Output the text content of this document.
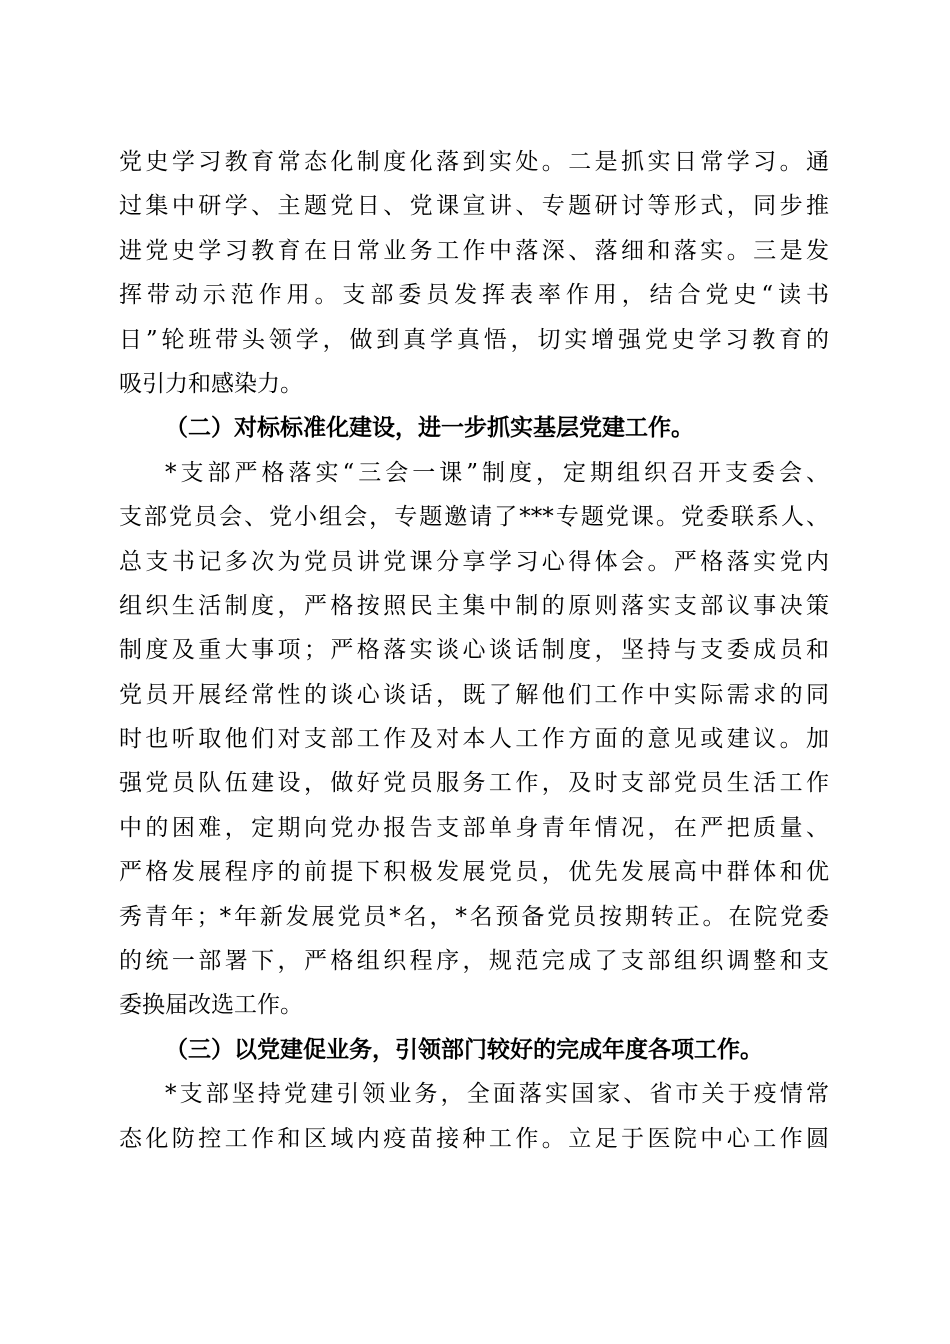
党史学习教育常态化制度化落到实处。二是抓实日常学习。通
过集中研学、主题党日、党课宣讲、专题研讨等形式，同步推
进党史学习教育在日常业务工作中落深、落细和落实。三是发
挥带动示范作用。支部委员发挥表率作用，结合党史“读书
日”轮班带头领学，做到真学真悟，切实增强党史学习教育的
吸引力和感染力。
（二）对标标准化建设，进一步抓实基层党建工作。
*支部严格落实“三会一课”制度，定期组织召开支委会、
支部党员会、党小组会，专题邀请了***专题党课。党委联系人、
总支书记多次为党员讲党课分享学习心得体会。严格落实党内
组织生活制度，严格按照民主集中制的原则落实支部议事决策
制度及重大事项；严格落实谈心谈话制度，坚持与支委成员和
党员开展经常性的谈心谈话，既了解他们工作中实际需求的同
时也听取他们对支部工作及对本人工作方面的意见或建议。加
强党员队伍建设，做好党员服务工作，及时支部党员生活工作
中的困难，定期向党办报告支部单身青年情况，在严把质量、
严格发展程序的前提下积极发展党员，优先发展高中群体和优
秀青年；*年新发展党员*名，*名预备党员按期转正。在院党委
的统一部署下，严格组织程序，规范完成了支部组织调整和支
委换届改选工作。
（三）以党建促业务，引领部门较好的完成年度各项工作。
*支部坚持党建引领业务，全面落实国家、省市关于疫情常
态化防控工作和区域内疫苗接种工作。立足于医院中心工作圆
